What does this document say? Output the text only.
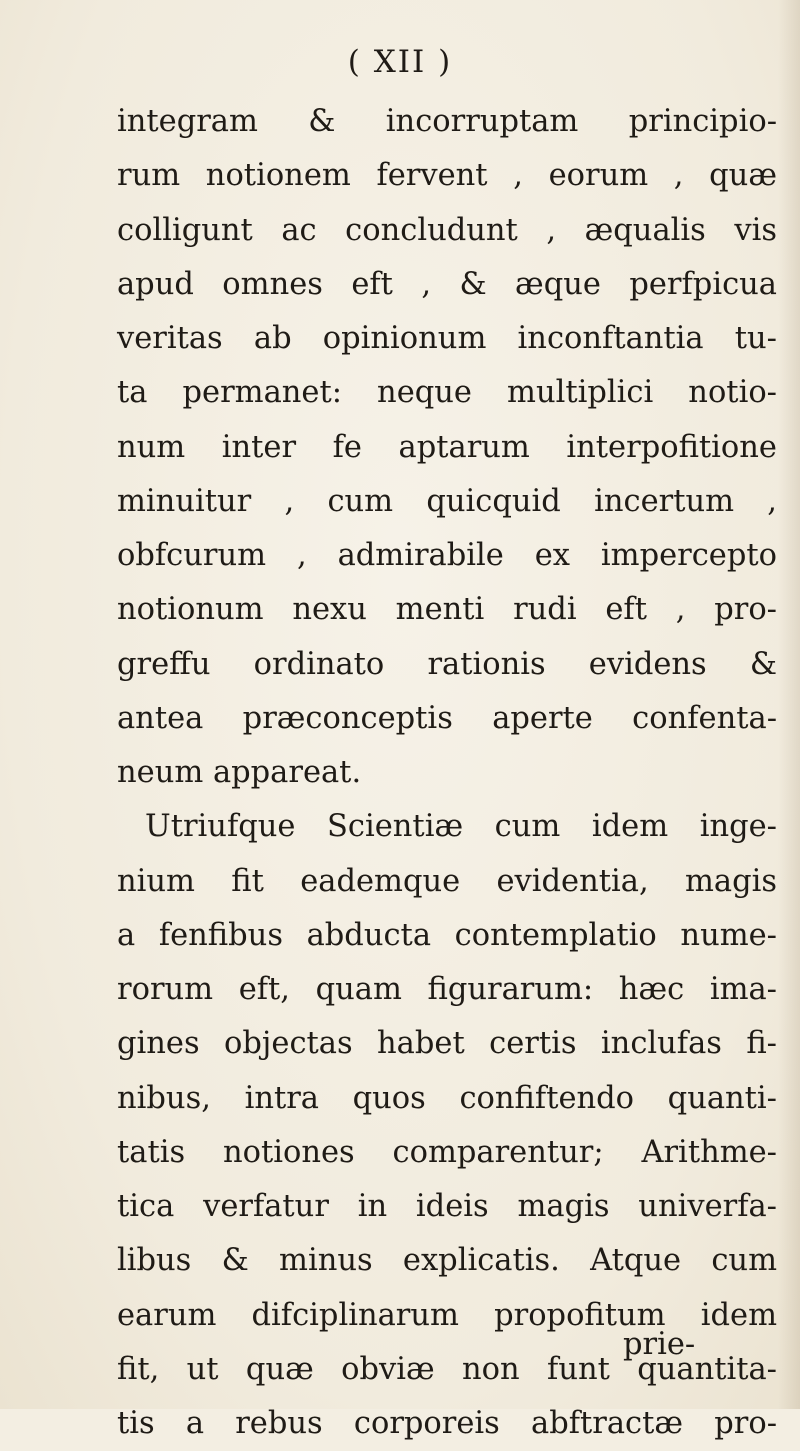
( XII )
integram & incorruptam principio-
rum notionem fervent , eorum , quæ
colligunt ac concludunt , æqualis vis
apud omnes eft , & æque perfpicua
veritas ab opinionum inconftantia tu-
ta permanet: neque multiplici notio-
num inter fe aptarum interpofitione
minuitur , cum quicquid incertum ,
obfcurum , admirabile ex impercepto
notionum nexu menti rudi eft , pro-
greffu ordinato rationis evidens &
antea præconceptis aperte confenta-
neum appareat.
Utriufque Scientiæ cum idem inge-
nium fit eademque evidentia, magis
a fenfibus abducta contemplatio nume-
rorum eft, quam figurarum: hæc ima-
gines objectas habet certis inclufas fi-
nibus, intra quos confiftendo quanti-
tatis notiones comparentur; Arithme-
tica verfatur in ideis magis univerfa-
libus & minus explicatis. Atque cum
earum difciplinarum propofitum idem
fit, ut quæ obviæ non funt quantita-
tis a rebus corporeis abftractæ pro-
prie-
